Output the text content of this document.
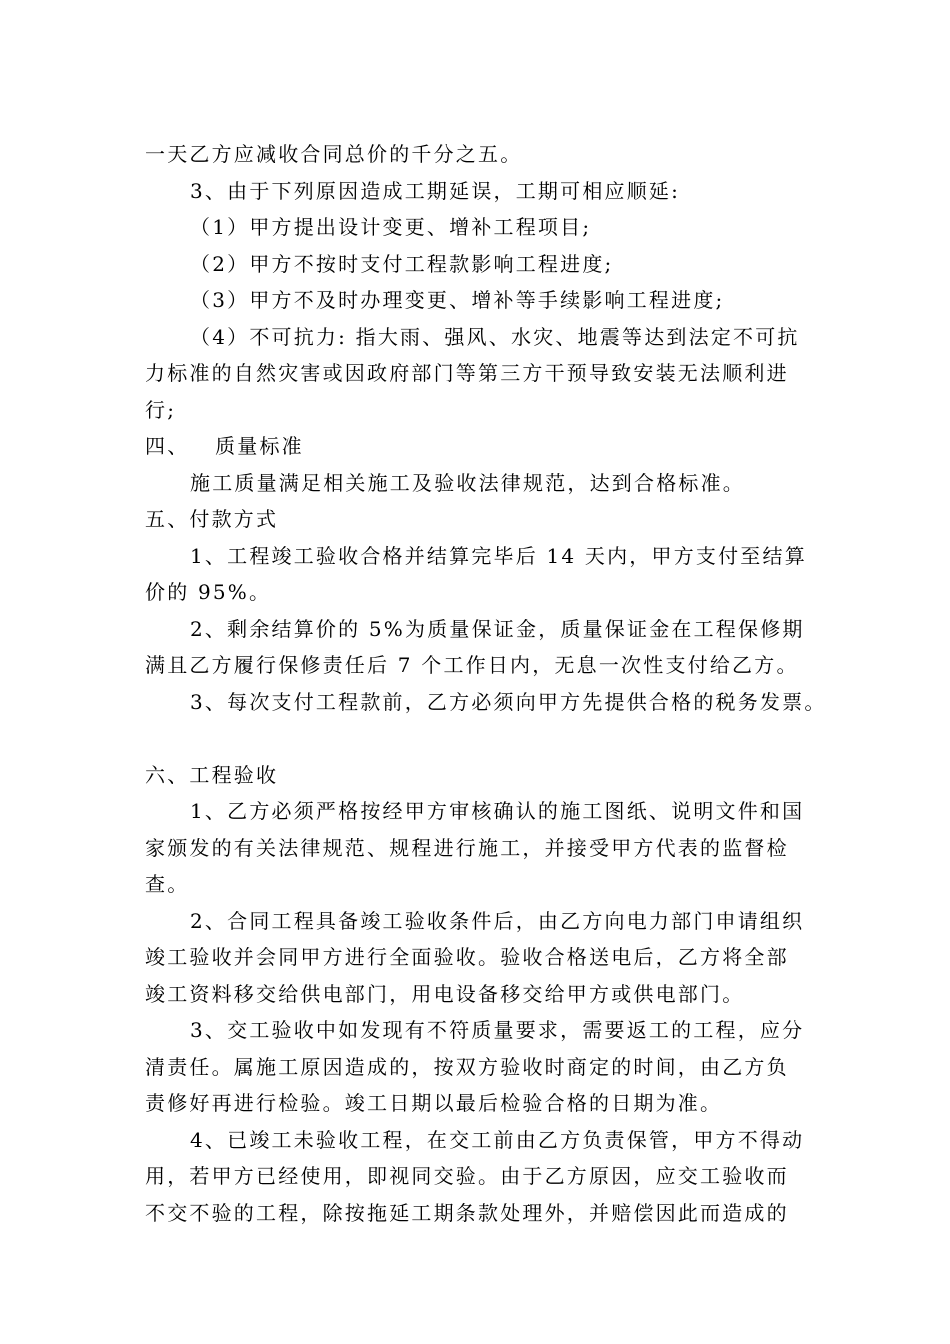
一天乙方应减收合同总价的千分之五。
3、由于下列原因造成工期延误，工期可相应顺延:
（1）甲方提出设计变更、增补工程项目;
（2）甲方不按时支付工程款影响工程进度;
（3）甲方不及时办理变更、增补等手续影响工程进度;
（4）不可抗力: 指大雨、强风、水灾、地震等达到法定不可抗
力标准的自然灾害或因政府部门等第三方干预导致安装无法顺利进
行;
四、   质量标准
施工质量满足相关施工及验收法律规范，达到合格标准。
五、付款方式
1、工程竣工验收合格并结算完毕后 14 天内，甲方支付至结算
价的 95%。
2、剩余结算价的 5%为质量保证金，质量保证金在工程保修期
满且乙方履行保修责任后 7 个工作日内，无息一次性支付给乙方。
3、每次支付工程款前，乙方必须向甲方先提供合格的税务发票。
六、工程验收
1、乙方必须严格按经甲方审核确认的施工图纸、说明文件和国
家颁发的有关法律规范、规程进行施工，并接受甲方代表的监督检
查。
2、合同工程具备竣工验收条件后，由乙方向电力部门申请组织
竣工验收并会同甲方进行全面验收。验收合格送电后，乙方将全部
竣工资料移交给供电部门，用电设备移交给甲方或供电部门。
3、交工验收中如发现有不符质量要求，需要返工的工程，应分
清责任。属施工原因造成的，按双方验收时商定的时间，由乙方负
责修好再进行检验。竣工日期以最后检验合格的日期为准。
4、已竣工未验收工程，在交工前由乙方负责保管，甲方不得动
用，若甲方已经使用，即视同交验。由于乙方原因，应交工验收而
不交不验的工程，除按拖延工期条款处理外，并赔偿因此而造成的
